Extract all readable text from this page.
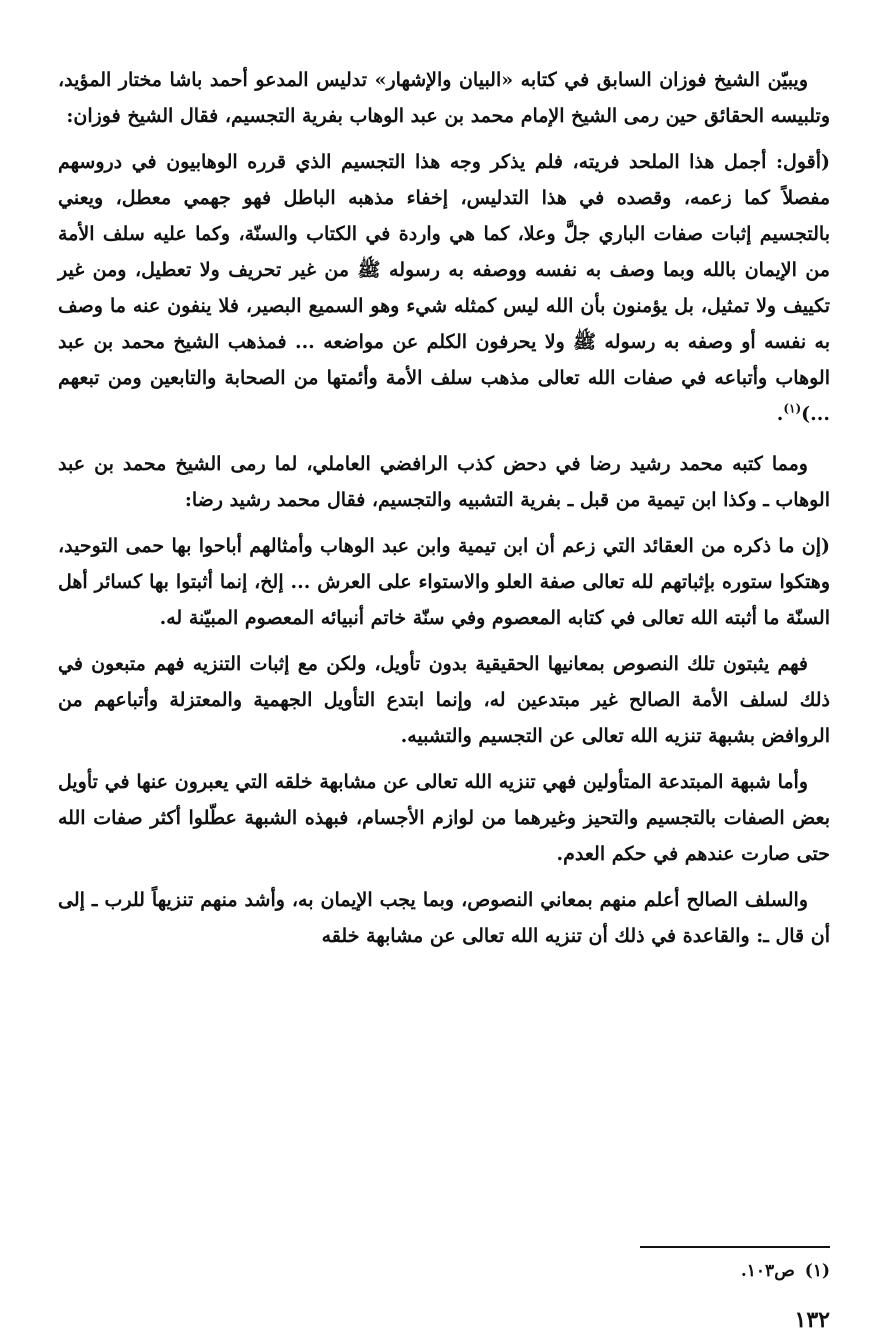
ويبيّن الشيخ فوزان السابق في كتابه «البيان والإشهار» تدليس المدعو أحمد باشا مختار المؤيد، وتلبيسه الحقائق حين رمى الشيخ الإمام محمد بن عبد الوهاب بفرية التجسيم، فقال الشيخ فوزان:

(أقول: أجمل هذا الملحد فريته، فلم يذكر وجه هذا التجسيم الذي قرره الوهابيون في دروسهم مفصلاً كما زعمه، وقصده في هذا التدليس، إخفاء مذهبه الباطل فهو جهمي معطل، ويعني بالتجسيم إثبات صفات الباري جلَّ وعلا، كما هي واردة في الكتاب والسنّة، وكما عليه سلف الأمة من الإيمان بالله وبما وصف به نفسه ووصفه به رسوله ﷺ من غير تحريف ولا تعطيل، ومن غير تكييف ولا تمثيل، بل يؤمنون بأن الله ليس كمثله شيء وهو السميع البصير، فلا ينفون عنه ما وصف به نفسه أو وصفه به رسوله ﷺ ولا يحرفون الكلم عن مواضعه ... فمذهب الشيخ محمد بن عبد الوهاب وأتباعه في صفات الله تعالى مذهب سلف الأمة وأئمتها من الصحابة والتابعين ومن تبعهم ...)$^{(١)}$.

ومما كتبه محمد رشيد رضا في دحض كذب الرافضي العاملي، لما رمى الشيخ محمد بن عبد الوهاب ـ وكذا ابن تيمية من قبل ـ بفرية التشبيه والتجسيم، فقال محمد رشيد رضا:

(إن ما ذكره من العقائد التي زعم أن ابن تيمية وابن عبد الوهاب وأمثالهم أباحوا بها حمى التوحيد، وهتكوا ستوره بإثباتهم لله تعالى صفة العلو والاستواء على العرش ... إلخ، إنما أثبتوا بها كسائر أهل السنّة ما أثبته الله تعالى في كتابه المعصوم وفي سنّة خاتم أنبيائه المعصوم المبيّنة له.

فهم يثبتون تلك النصوص بمعانيها الحقيقية بدون تأويل، ولكن مع إثبات التنزيه فهم متبعون في ذلك لسلف الأمة الصالح غير مبتدعين له، وإنما ابتدع التأويل الجهمية والمعتزلة وأتباعهم من الروافض بشبهة تنزيه الله تعالى عن التجسيم والتشبيه.

وأما شبهة المبتدعة المتأولين فهي تنزيه الله تعالى عن مشابهة خلقه التي يعبرون عنها في تأويل بعض الصفات بالتجسيم والتحيز وغيرهما من لوازم الأجسام، فبهذه الشبهة عطّلوا أكثر صفات الله حتى صارت عندهم في حكم العدم.

والسلف الصالح أعلم منهم بمعاني النصوص، وبما يجب الإيمان به، وأشد منهم تنزيهاً للرب ـ إلى أن قال ـ: والقاعدة في ذلك أن تنزيه الله تعالى عن مشابهة خلقه

(١)ص١٠٣.
١٣٢
